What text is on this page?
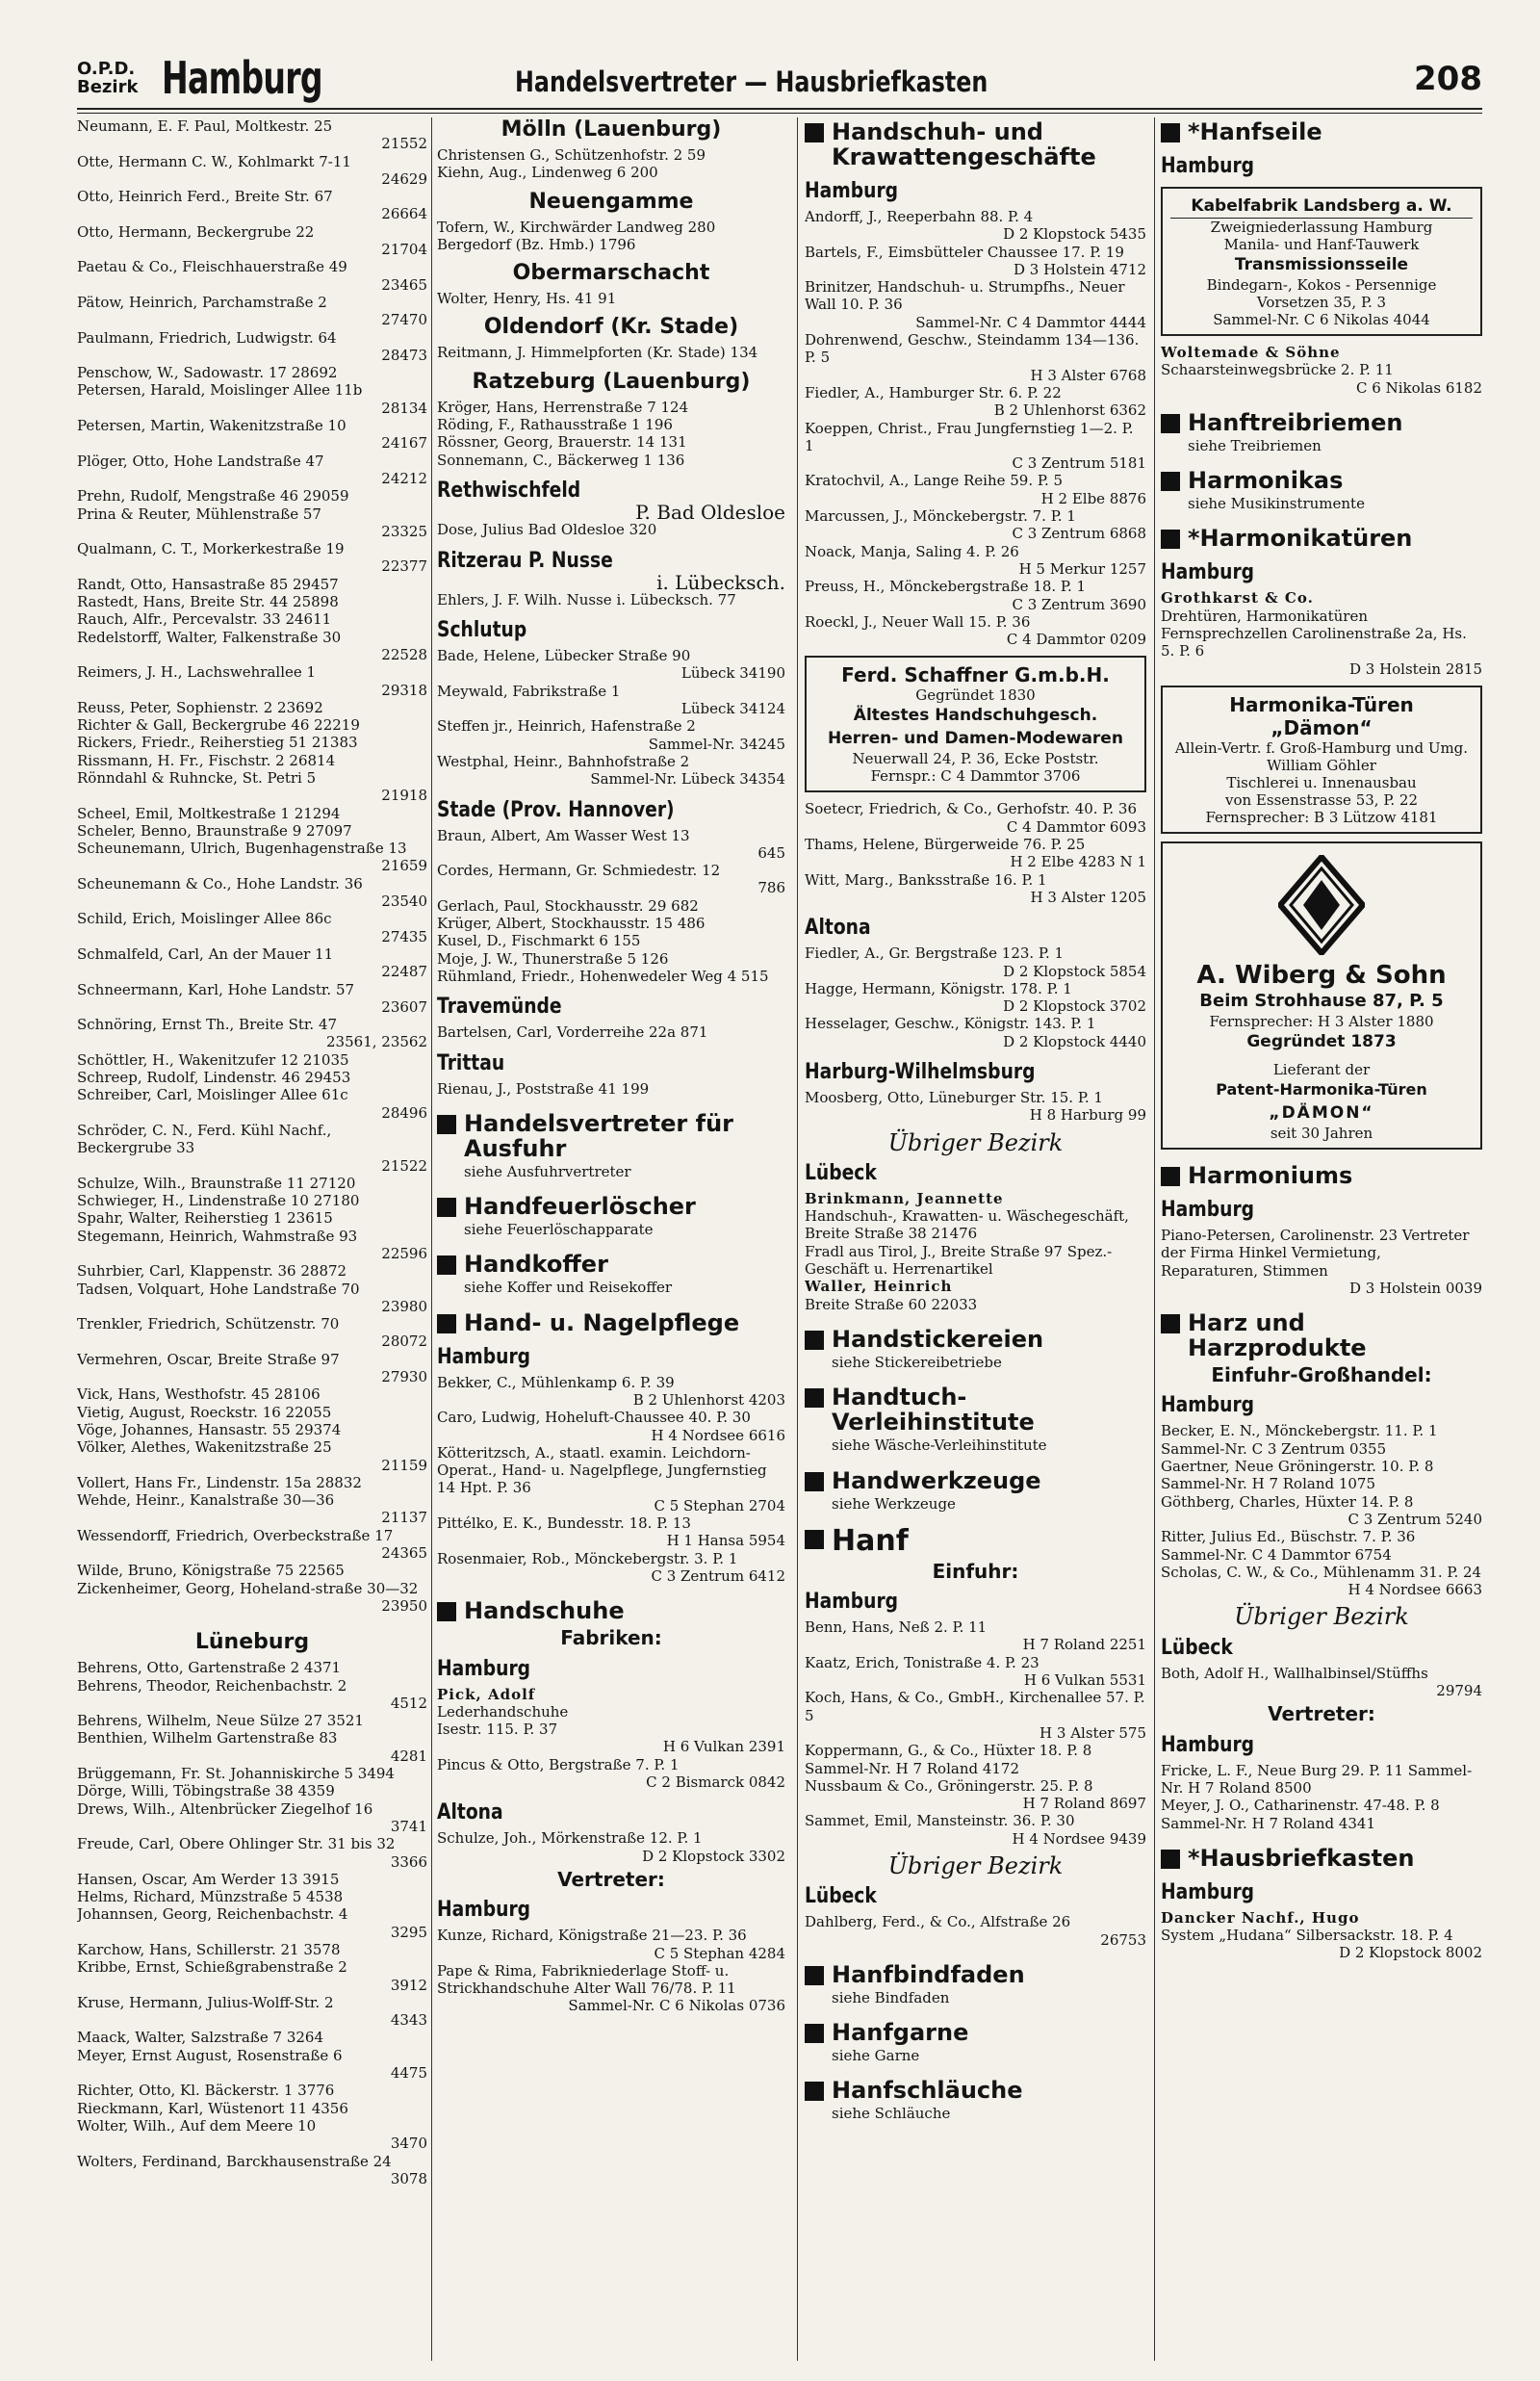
O.P.D.
Bezirk Hamburg	Handelsvertreter — Hausbriefkasten	208
Neumann, E. F. Paul, Moltkestr. 25
21552
Otte, Hermann C. W., Kohlmarkt 7-11
24629
Otto, Heinrich Ferd., Breite Str. 67
26664
Otto, Hermann, Beckergrube 22
21704
Paetau & Co., Fleischhauerstraße 49
23465
Pätow, Heinrich, Parchamstraße 2
27470
Paulmann, Friedrich, Ludwigstr. 64
28473
Penschow, W., Sadowastr. 17 28692
Petersen, Harald, Moislinger Allee 11b
28134
Petersen, Martin, Wakenitzstraße 10
24167
Plöger, Otto, Hohe Landstraße 47
24212
Prehn, Rudolf, Mengstraße 46 29059
Prina & Reuter, Mühlenstraße 57
23325
Qualmann, C. T., Morkerkestraße 19
22377
Randt, Otto, Hansastraße 85 29457
Rastedt, Hans, Breite Str. 44 25898
Rauch, Alfr., Percevalstr. 33 24611
Redelstorff, Walter, Falkenstraße 30
22528
Reimers, J. H., Lachswehrallee 1
29318
Reuss, Peter, Sophienstr. 2 23692
Richter & Gall, Beckergrube 46 22219
Rickers, Friedr., Reiherstieg 51 21383
Rissmann, H. Fr., Fischstr. 2 26814
Rönndahl & Ruhncke, St. Petri 5
21918
Scheel, Emil, Moltkestraße 1 21294
Scheler, Benno, Braunstraße 9 27097
Scheunemann, Ulrich, Bugenhagenstraße 13
21659
Scheunemann & Co., Hohe Landstr. 36
23540
Schild, Erich, Moislinger Allee 86c
27435
Schmalfeld, Carl, An der Mauer 11
22487
Schneermann, Karl, Hohe Landstr. 57
23607
Schnöring, Ernst Th., Breite Str. 47
23561, 23562
Schöttler, H., Wakenitzufer 12 21035
Schreep, Rudolf, Lindenstr. 46 29453
Schreiber, Carl, Moislinger Allee 61c
28496
Schröder, C. N., Ferd. Kühl Nachf., Beckergrube 33
21522
Schulze, Wilh., Braunstraße 11 27120
Schwieger, H., Lindenstraße 10 27180
Spahr, Walter, Reiherstieg 1 23615
Stegemann, Heinrich, Wahmstraße 93
22596
Suhrbier, Carl, Klappenstr. 36 28872
Tadsen, Volquart, Hohe Landstraße 70
23980
Trenkler, Friedrich, Schützenstr. 70
28072
Vermehren, Oscar, Breite Straße 97
27930
Vick, Hans, Westhofstr. 45 28106
Vietig, August, Roeckstr. 16 22055
Vöge, Johannes, Hansastr. 55 29374
Völker, Alethes, Wakenitzstraße 25
21159
Vollert, Hans Fr., Lindenstr. 15a 28832
Wehde, Heinr., Kanalstraße 30—36
21137
Wessendorff, Friedrich, Overbeckstraße 17
24365
Wilde, Bruno, Königstraße 75 22565
Zickenheimer, Georg, Hoheland-straße 30—32
23950
Lüneburg
Behrens, Otto, Gartenstraße 2 4371
Behrens, Theodor, Reichenbachstr. 2
4512
Behrens, Wilhelm, Neue Sülze 27 3521
Benthien, Wilhelm Gartenstraße 83
4281
Brüggemann, Fr. St. Johanniskirche 5 3494
Dörge, Willi, Töbingstraße 38 4359
Drews, Wilh., Altenbrücker Ziegelhof 16
3741
Freude, Carl, Obere Ohlinger Str. 31 bis 32
3366
Hansen, Oscar, Am Werder 13 3915
Helms, Richard, Münzstraße 5 4538
Johannsen, Georg, Reichenbachstr. 4
3295
Karchow, Hans, Schillerstr. 21 3578
Kribbe, Ernst, Schießgrabenstraße 2
3912
Kruse, Hermann, Julius-Wolff-Str. 2
4343
Maack, Walter, Salzstraße 7 3264
Meyer, Ernst August, Rosenstraße 6
4475
Richter, Otto, Kl. Bäckerstr. 1 3776
Rieckmann, Karl, Wüstenort 11 4356
Wolter, Wilh., Auf dem Meere 10
3470
Wolters, Ferdinand, Barckhausenstraße 24
3078
Mölln (Lauenburg)
Christensen G., Schützenhofstr. 2 59
Kiehn, Aug., Lindenweg 6 200
Neuengamme
Tofern, W., Kirchwärder Landweg 280 Bergedorf (Bz. Hmb.) 1796
Obermarschacht
Wolter, Henry, Hs. 41 91
Oldendorf (Kr. Stade)
Reitmann, J. Himmelpforten (Kr. Stade) 134
Ratzeburg (Lauenburg)
Kröger, Hans, Herrenstraße 7 124
Röding, F., Rathausstraße 1 196
Rössner, Georg, Brauerstr. 14 131
Sonnemann, C., Bäckerweg 1 136
Rethwischfeld
P. Bad Oldesloe
Dose, Julius Bad Oldesloe 320
Ritzerau P. Nusse
i. Lübecksch.
Ehlers, J. F. Wilh. Nusse i. Lübecksch. 77
Schlutup
Bade, Helene, Lübecker Straße 90
Lübeck 34190
Meywald, Fabrikstraße 1
Lübeck 34124
Steffen jr., Heinrich, Hafenstraße 2
Sammel-Nr. 34245
Westphal, Heinr., Bahnhofstraße 2
Sammel-Nr. Lübeck 34354
Stade (Prov. Hannover)
Braun, Albert, Am Wasser West 13
645
Cordes, Hermann, Gr. Schmiedestr. 12
786
Gerlach, Paul, Stockhausstr. 29 682
Krüger, Albert, Stockhausstr. 15 486
Kusel, D., Fischmarkt 6 155
Moje, J. W., Thunerstraße 5 126
Rühmland, Friedr., Hohenwedeler Weg 4 515
Travemünde
Bartelsen, Carl, Vorderreihe 22a 871
Trittau
Rienau, J., Poststraße 41 199
Handelsvertreter für Ausfuhr
siehe Ausfuhrvertreter
Handfeuerlöscher
siehe Feuerlöschapparate
Handkoffer
siehe Koffer und Reisekoffer
Hand- u. Nagelpflege
Hamburg
Bekker, C., Mühlenkamp 6. P. 39
B 2 Uhlenhorst 4203
Caro, Ludwig, Hoheluft-Chaussee 40. P. 30
H 4 Nordsee 6616
Kötteritzsch, A., staatl. examin. Leichdorn-Operat., Hand- u. Nagelpflege, Jungfernstieg 14 Hpt. P. 36
C 5 Stephan 2704
Pittélko, E. K., Bundesstr. 18. P. 13
H 1 Hansa 5954
Rosenmaier, Rob., Mönckebergstr. 3. P. 1
C 3 Zentrum 6412
Handschuhe
Fabriken:
Hamburg
Pick, Adolf
Lederhandschuhe
Isestr. 115. P. 37
H 6 Vulkan 2391
Pincus & Otto, Bergstraße 7. P. 1
C 2 Bismarck 0842
Altona
Schulze, Joh., Mörkenstraße 12. P. 1
D 2 Klopstock 3302
Vertreter:
Hamburg
Kunze, Richard, Königstraße 21—23. P. 36
C 5 Stephan 4284
Pape & Rima, Fabrikniederlage Stoff- u. Strickhandschuhe Alter Wall 76/78. P. 11
Sammel-Nr. C 6 Nikolas 0736
Handschuh- und Krawattengeschäfte
Hamburg
Andorff, J., Reeperbahn 88. P. 4
D 2 Klopstock 5435
Bartels, F., Eimsbütteler Chaussee 17. P. 19
D 3 Holstein 4712
Brinitzer, Handschuh- u. Strumpfhs., Neuer Wall 10. P. 36
Sammel-Nr. C 4 Dammtor 4444
Dohrenwend, Geschw., Steindamm 134—136. P. 5
H 3 Alster 6768
Fiedler, A., Hamburger Str. 6. P. 22
B 2 Uhlenhorst 6362
Koeppen, Christ., Frau Jungfernstieg 1—2. P. 1
C 3 Zentrum 5181
Kratochvil, A., Lange Reihe 59. P. 5
H 2 Elbe 8876
Marcussen, J., Mönckebergstr. 7. P. 1
C 3 Zentrum 6868
Noack, Manja, Saling 4. P. 26
H 5 Merkur 1257
Preuss, H., Mönckebergstraße 18. P. 1
C 3 Zentrum 3690
Roeckl, J., Neuer Wall 15. P. 36
C 4 Dammtor 0209
Ferd. Schaffner G.m.b.H.
Gegründet 1830
Ältestes Handschuhgesch.
Herren- und Damen-Modewaren
Neuerwall 24, P. 36, Ecke Poststr.
Fernspr.: C 4 Dammtor 3706
Soetecr, Friedrich, & Co., Gerhofstr. 40. P. 36
C 4 Dammtor 6093
Thams, Helene, Bürgerweide 76. P. 25
H 2 Elbe 4283 N 1
Witt, Marg., Banksstraße 16. P. 1
H 3 Alster 1205
Altona
Fiedler, A., Gr. Bergstraße 123. P. 1
D 2 Klopstock 5854
Hagge, Hermann, Königstr. 178. P. 1
D 2 Klopstock 3702
Hesselager, Geschw., Königstr. 143. P. 1
D 2 Klopstock 4440
Harburg-Wilhelmsburg
Moosberg, Otto, Lüneburger Str. 15. P. 1
H 8 Harburg 99
Übriger Bezirk
Lübeck
Brinkmann, Jeannette
Handschuh-, Krawatten- u. Wäschegeschäft, Breite Straße 38 21476
Fradl aus Tirol, J., Breite Straße 97 Spez.-Geschäft u. Herrenartikel
Waller, Heinrich
Breite Straße 60 22033
Handstickereien
siehe Stickereibetriebe
Handtuch-Verleihinstitute
siehe Wäsche-Verleihinstitute
Handwerkzeuge
siehe Werkzeuge
Hanf
Einfuhr:
Hamburg
Benn, Hans, Neß 2. P. 11
H 7 Roland 2251
Kaatz, Erich, Tonistraße 4. P. 23
H 6 Vulkan 5531
Koch, Hans, & Co., GmbH., Kirchenallee 57. P. 5
H 3 Alster 575
Koppermann, G., & Co., Hüxter 18. P. 8 Sammel-Nr. H 7 Roland 4172
Nussbaum & Co., Gröningerstr. 25. P. 8
H 7 Roland 8697
Sammet, Emil, Mansteinstr. 36. P. 30
H 4 Nordsee 9439
Übriger Bezirk
Lübeck
Dahlberg, Ferd., & Co., Alfstraße 26
26753
Hanfbindfaden
siehe Bindfaden
Hanfgarne
siehe Garne
Hanfschläuche
siehe Schläuche
*Hanfseile
Hamburg
Kabelfabrik Landsberg a. W.
Zweigniederlassung Hamburg
Manila- und Hanf-Tauwerk
Transmissionsseile
Bindegarn-, Kokos - Persennige
Vorsetzen 35, P. 3
Sammel-Nr. C 6 Nikolas 4044
Woltemade & Söhne
Schaarsteinwegsbrücke 2. P. 11
C 6 Nikolas 6182
Hanftreibriemen
siehe Treibriemen
Harmonikas
siehe Musikinstrumente
*Harmonikatüren
Hamburg
Grothkarst & Co.
Drehtüren, Harmonikatüren Fernsprechzellen Carolinenstraße 2a, Hs. 5. P. 6
D 3 Holstein 2815
Harmonika-Türen
„Dämon“
Allein-Vertr. f. Groß-Hamburg und Umg. William Göhler
Tischlerei u. Innenausbau
von Essenstrasse 53, P. 22
Fernsprecher: B 3 Lützow 4181
A. Wiberg & Sohn
Beim Strohhause 87, P. 5
Fernsprecher: H 3 Alster 1880
Gegründet 1873
Lieferant der
Patent-Harmonika-Türen
„DÄMON“
seit 30 Jahren
Harmoniums
Hamburg
Piano-Petersen, Carolinenstr. 23 Vertreter der Firma Hinkel Vermietung, Reparaturen, Stimmen
D 3 Holstein 0039
Harz und Harzprodukte
Einfuhr-Großhandel:
Hamburg
Becker, E. N., Mönckebergstr. 11. P. 1 Sammel-Nr. C 3 Zentrum 0355
Gaertner, Neue Gröningerstr. 10. P. 8 Sammel-Nr. H 7 Roland 1075
Göthberg, Charles, Hüxter 14. P. 8
C 3 Zentrum 5240
Ritter, Julius Ed., Büschstr. 7. P. 36 Sammel-Nr. C 4 Dammtor 6754
Scholas, C. W., & Co., Mühlenamm 31. P. 24
H 4 Nordsee 6663
Übriger Bezirk
Lübeck
Both, Adolf H., Wallhalbinsel/Stüffhs
29794
Vertreter:
Hamburg
Fricke, L. F., Neue Burg 29. P. 11 Sammel-Nr. H 7 Roland 8500
Meyer, J. O., Catharinenstr. 47-48. P. 8 Sammel-Nr. H 7 Roland 4341
*Hausbriefkasten
Hamburg
Dancker Nachf., Hugo
System „Hudana“ Silbersackstr. 18. P. 4
D 2 Klopstock 8002
